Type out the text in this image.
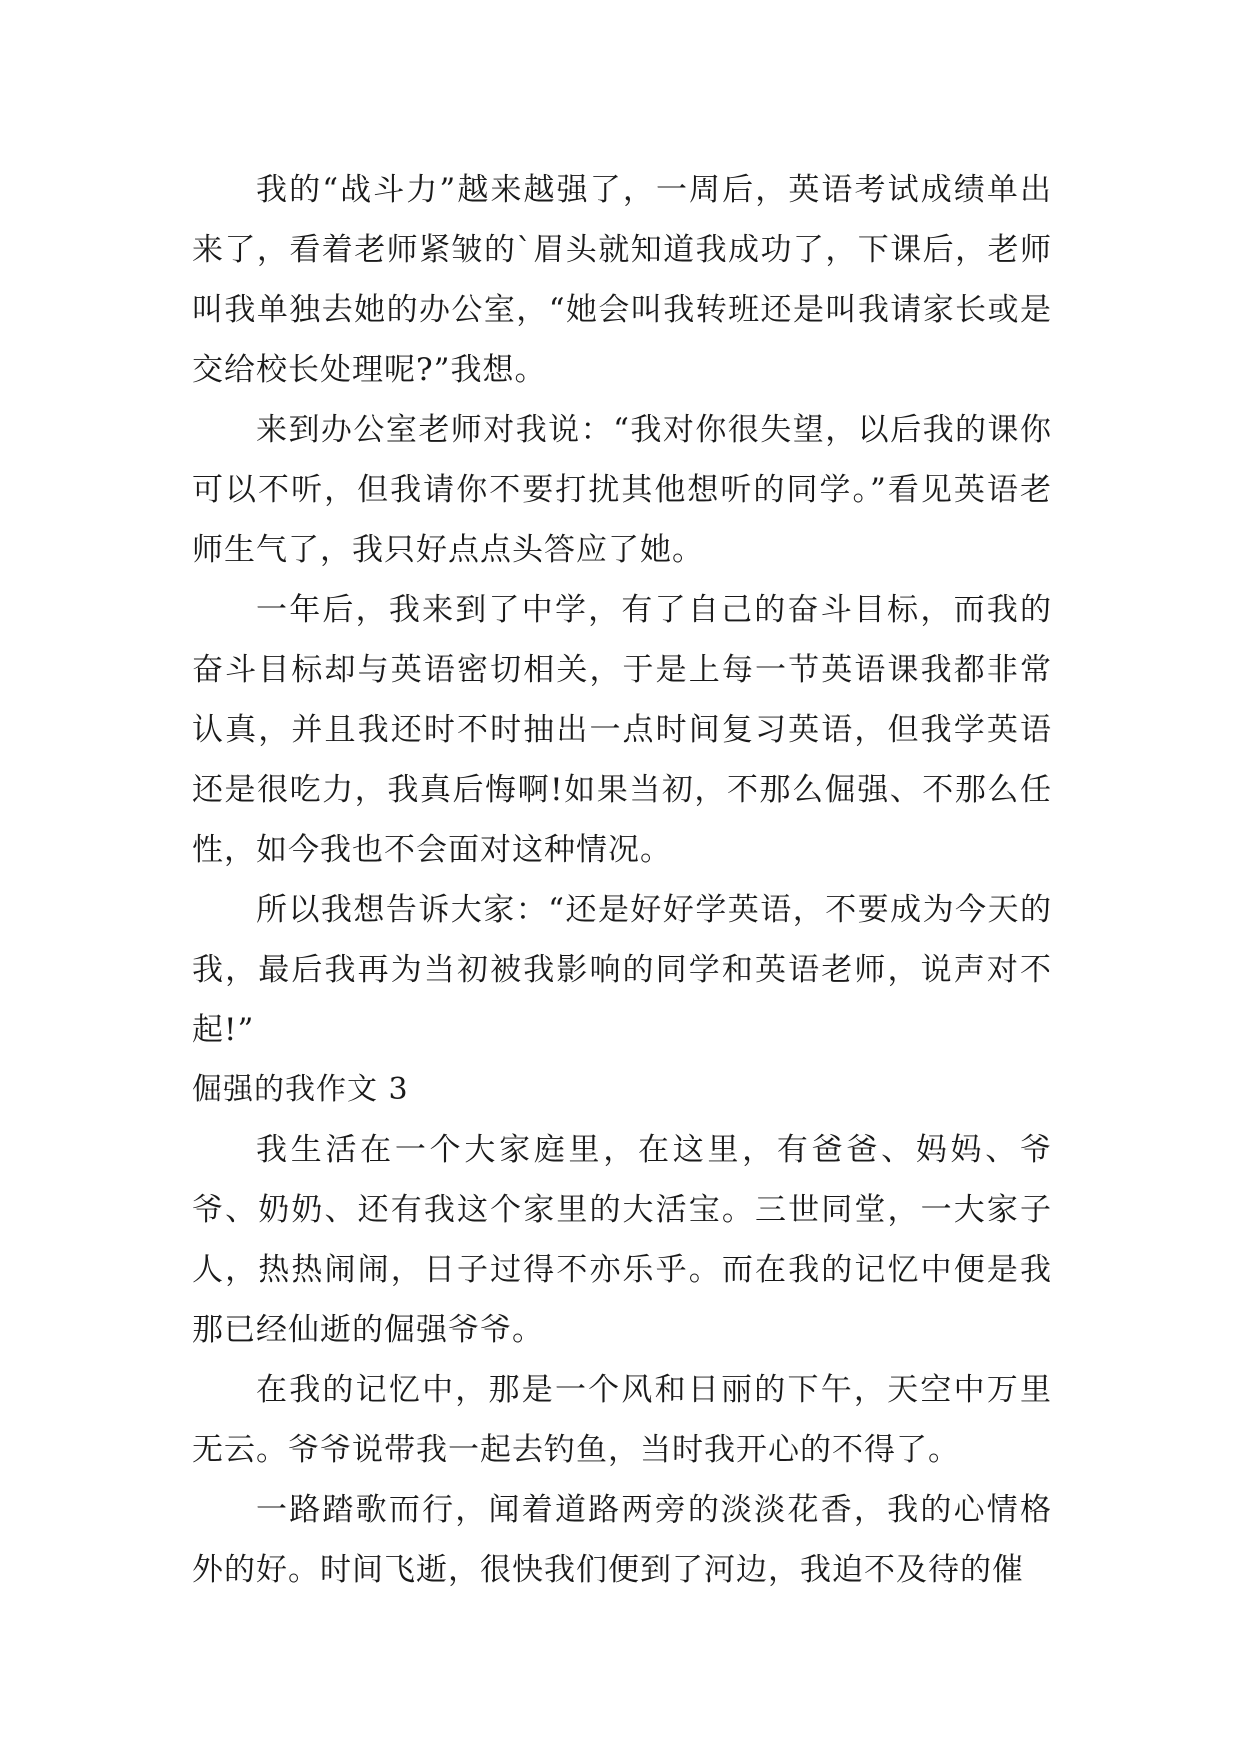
我的“战斗力”越来越强了，一周后，英语考试成绩单出来了，看着老师紧皱的`眉头就知道我成功了，下课后，老师叫我单独去她的办公室，“她会叫我转班还是叫我请家长或是交给校长处理呢?”我想。

来到办公室老师对我说：“我对你很失望，以后我的课你可以不听，但我请你不要打扰其他想听的同学。”看见英语老师生气了，我只好点点头答应了她。

一年后，我来到了中学，有了自己的奋斗目标，而我的奋斗目标却与英语密切相关，于是上每一节英语课我都非常认真，并且我还时不时抽出一点时间复习英语，但我学英语还是很吃力，我真后悔啊!如果当初，不那么倔强、不那么任性，如今我也不会面对这种情况。

所以我想告诉大家：“还是好好学英语，不要成为今天的我，最后我再为当初被我影响的同学和英语老师，说声对不起!”

倔强的我作文 3

我生活在一个大家庭里，在这里，有爸爸、妈妈、爷爷、奶奶、还有我这个家里的大活宝。三世同堂，一大家子人，热热闹闹，日子过得不亦乐乎。而在我的记忆中便是我那已经仙逝的倔强爷爷。

在我的记忆中，那是一个风和日丽的下午，天空中万里无云。爷爷说带我一起去钓鱼，当时我开心的不得了。

一路踏歌而行，闻着道路两旁的淡淡花香，我的心情格外的好。时间飞逝，很快我们便到了河边，我迫不及待的催
